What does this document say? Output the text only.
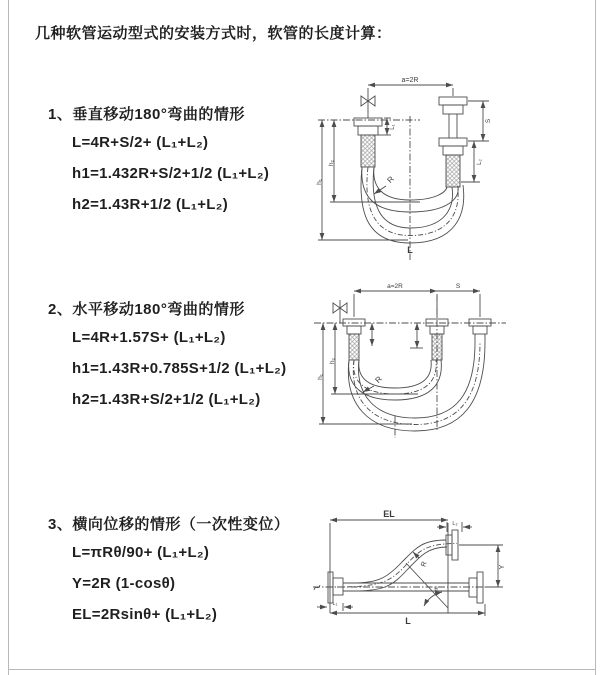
几种软管运动型式的安装方式时，软管的长度计算：
1、垂直移动180°弯曲的情形
L=4R+S/2+ (L₁+L₂)
h1=1.432R+S/2+1/2 (L₁+L₂)
h2=1.43R+1/2 (L₁+L₂)
2、水平移动180°弯曲的情形
L=4R+1.57S+ (L₁+L₂)
h1=1.43R+0.785S+1/2 (L₁+L₂)
h2=1.43R+S/2+1/2 (L₁+L₂)
3、横向位移的情形（一次性变位）
L=πRθ/90+ (L₁+L₂)
Y=2R (1-cosθ)
EL=2Rsinθ+ (L₁+L₂)
a=2R
L₁
S
L₂
h₁
h₂
R
L
a=2R	S
h₁
h₂
R
EL
L₂
Y
R
θ
L
L₁
